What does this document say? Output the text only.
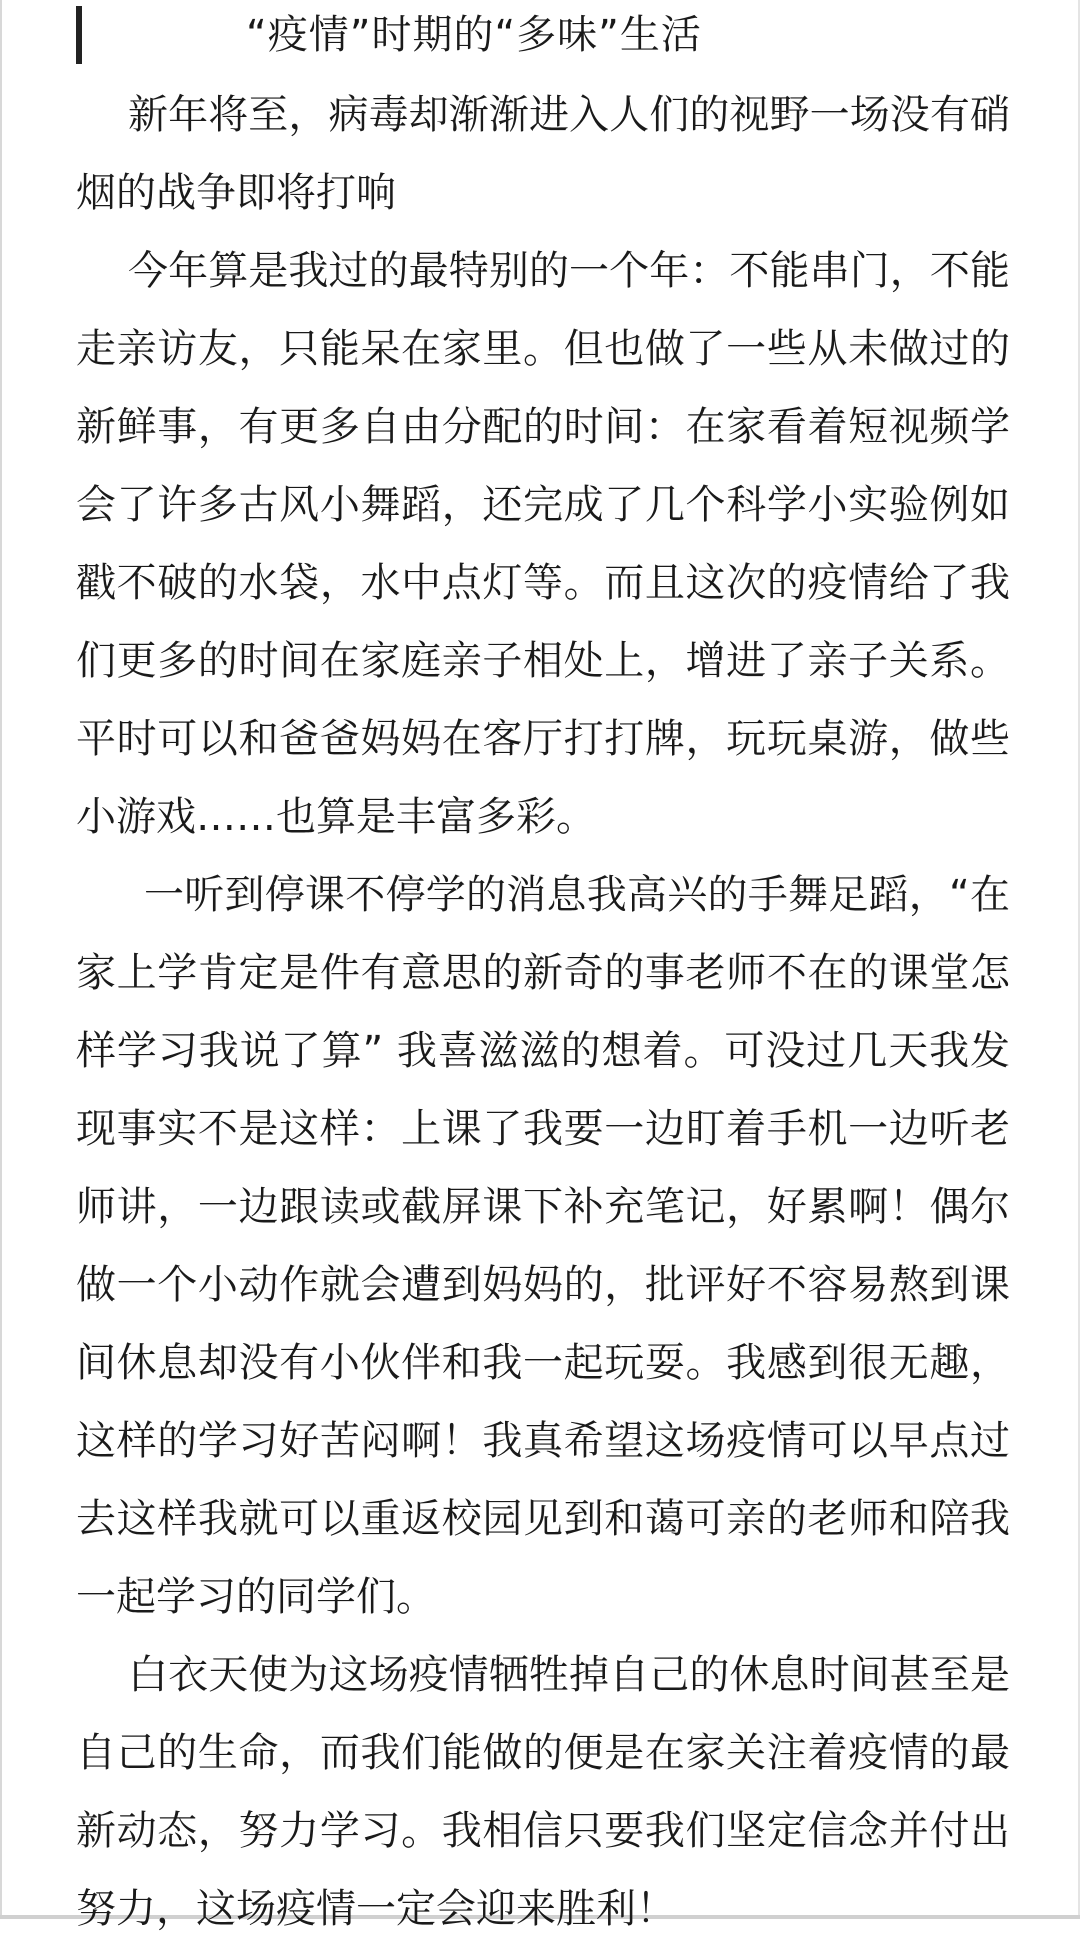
“疫情”时期的“多味”生活

新年将至，病毒却渐渐进入人们的视野一场没有硝烟的战争即将打响

今年算是我过的最特别的一个年：不能串门，不能走亲访友，只能呆在家里。但也做了一些从未做过的新鲜事，有更多自由分配的时间：在家看着短视频学会了许多古风小舞蹈，还完成了几个科学小实验例如戳不破的水袋，水中点灯等。而且这次的疫情给了我们更多的时间在家庭亲子相处上，增进了亲子关系。平时可以和爸爸妈妈在客厅打打牌，玩玩桌游，做些小游戏……也算是丰富多彩。

一听到停课不停学的消息我高兴的手舞足蹈，“在家上学肯定是件有意思的新奇的事老师不在的课堂怎样学习我说了算” 我喜滋滋的想着。可没过几天我发现事实不是这样：上课了我要一边盯着手机一边听老师讲，一边跟读或截屏课下补充笔记，好累啊！偶尔做一个小动作就会遭到妈妈的，批评好不容易熬到课间休息却没有小伙伴和我一起玩耍。我感到很无趣，这样的学习好苦闷啊！我真希望这场疫情可以早点过去这样我就可以重返校园见到和蔼可亲的老师和陪我一起学习的同学们。

白衣天使为这场疫情牺牲掉自己的休息时间甚至是自己的生命，而我们能做的便是在家关注着疫情的最新动态，努力学习。我相信只要我们坚定信念并付出努力，这场疫情一定会迎来胜利！
